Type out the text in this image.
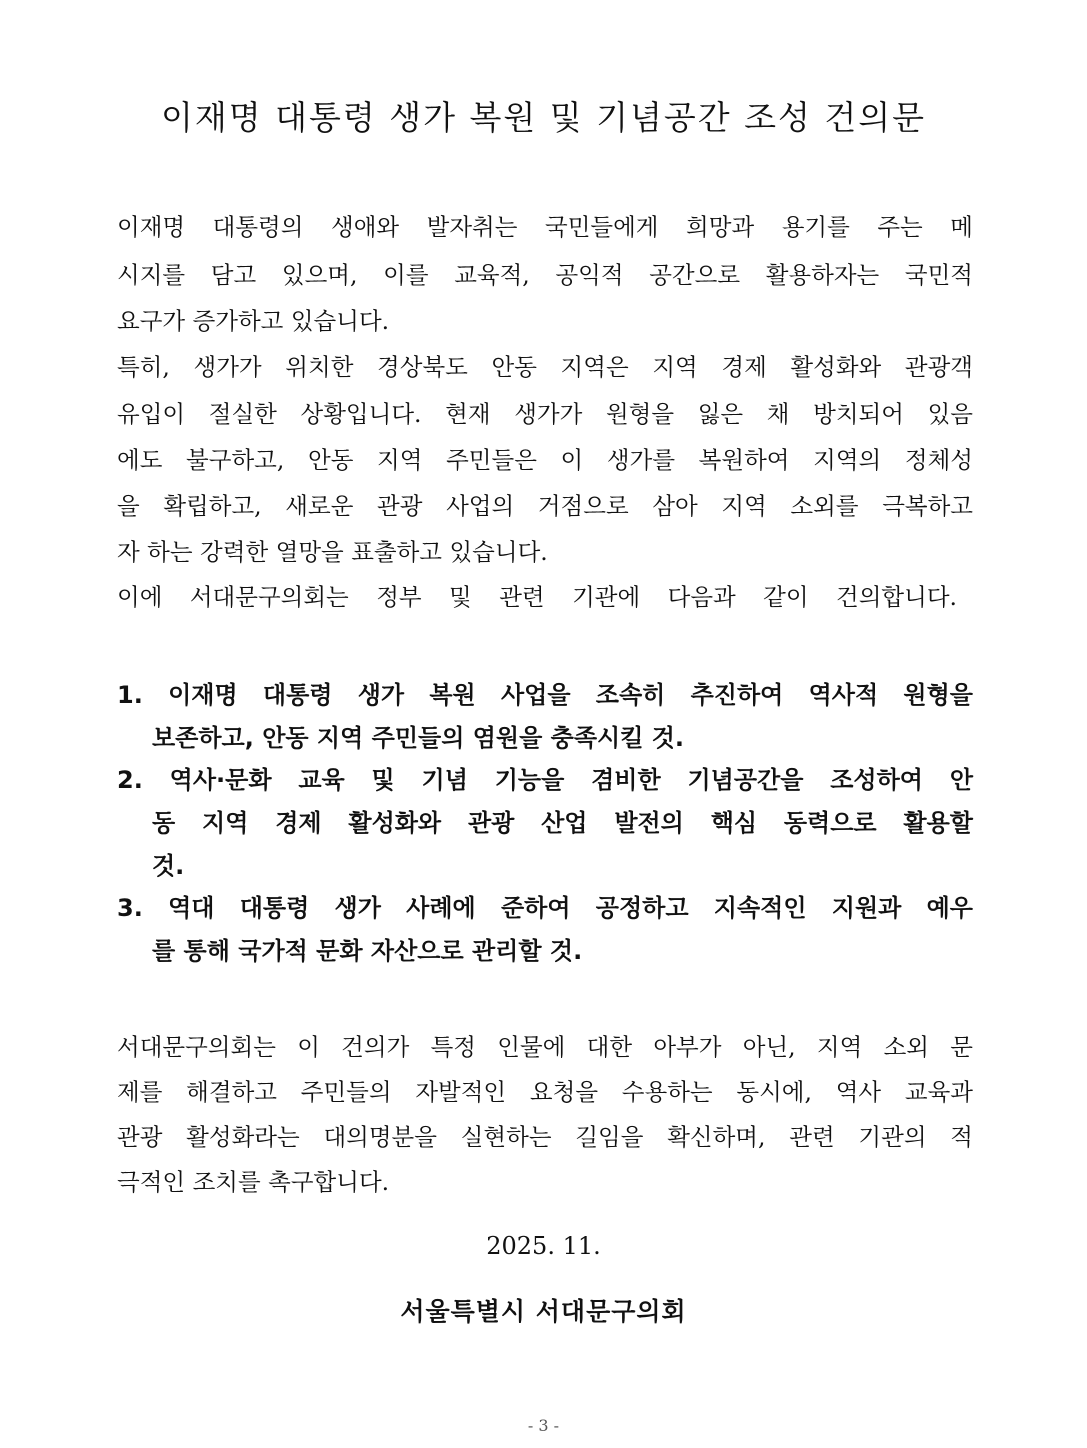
이재명 대통령 생가 복원 및 기념공간 조성 건의문

이재명 대통령의 생애와 발자취는 국민들에게 희망과 용기를 주는 메

시지를 담고 있으며, 이를 교육적, 공익적 공간으로 활용하자는 국민적

요구가 증가하고 있습니다.

특히, 생가가 위치한 경상북도 안동 지역은 지역 경제 활성화와 관광객

유입이 절실한 상황입니다. 현재 생가가 원형을 잃은 채 방치되어 있음

에도 불구하고, 안동 지역 주민들은 이 생가를 복원하여 지역의 정체성

을 확립하고, 새로운 관광 사업의 거점으로 삼아 지역 소외를 극복하고

자 하는 강력한 열망을 표출하고 있습니다.

이에 서대문구의회는 정부 및 관련 기관에 다음과 같이 건의합니다.

1. 이재명 대통령 생가 복원 사업을 조속히 추진하여 역사적 원형을

보존하고, 안동 지역 주민들의 염원을 충족시킬 것.

2. 역사·문화 교육 및 기념 기능을 겸비한 기념공간을 조성하여 안

동 지역 경제 활성화와 관광 산업 발전의 핵심 동력으로 활용할

것.

3. 역대 대통령 생가 사례에 준하여 공정하고 지속적인 지원과 예우

를 통해 국가적 문화 자산으로 관리할 것.

서대문구의회는 이 건의가 특정 인물에 대한 아부가 아닌, 지역 소외 문

제를 해결하고 주민들의 자발적인 요청을 수용하는 동시에, 역사 교육과

관광 활성화라는 대의명분을 실현하는 길임을 확신하며, 관련 기관의 적

극적인 조치를 촉구합니다.

2025. 11.

서울특별시 서대문구의회

- 3 -
